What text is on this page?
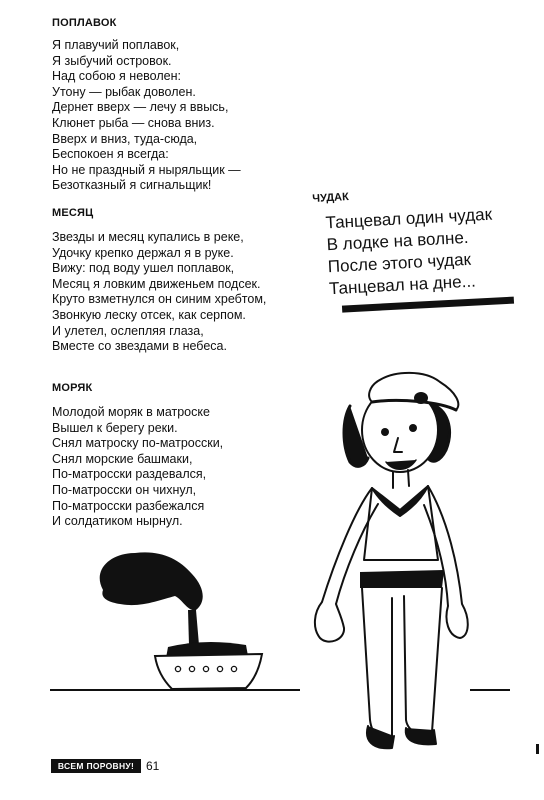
ПОПЛАВОК
Я плавучий поплавок,
Я зыбучий островок.
Над собою я неволен:
Утону — рыбак доволен.
Дернет вверх — лечу я ввысь,
Клюнет рыба — снова вниз.
Вверх и вниз, туда-сюда,
Беспокоен я всегда:
Но не праздный я ныряльщик —
Безотказный я сигнальщик!
МЕСЯЦ
Звезды и месяц купались в реке,
Удочку крепко держал я в руке.
Вижу: под воду ушел поплавок,
Месяц я ловким движеньем подсек.
Круто взметнулся он синим хребтом,
Звонкую леску отсек, как серпом.
И улетел, ослепляя глаза,
Вместе со звездами в небеса.
МОРЯК
Молодой моряк в матроске
Вышел к берегу реки.
Снял матроску по-матросски,
Снял морские башмаки,
По-матросски раздевался,
По-матросски он чихнул,
По-матросски разбежался
И солдатиком нырнул.
ЧУДАК
Танцевал один чудак
В лодке на волне.
После этого чудак
Танцевал на дне...
ВСЕМ ПОРОВНУ! 61
